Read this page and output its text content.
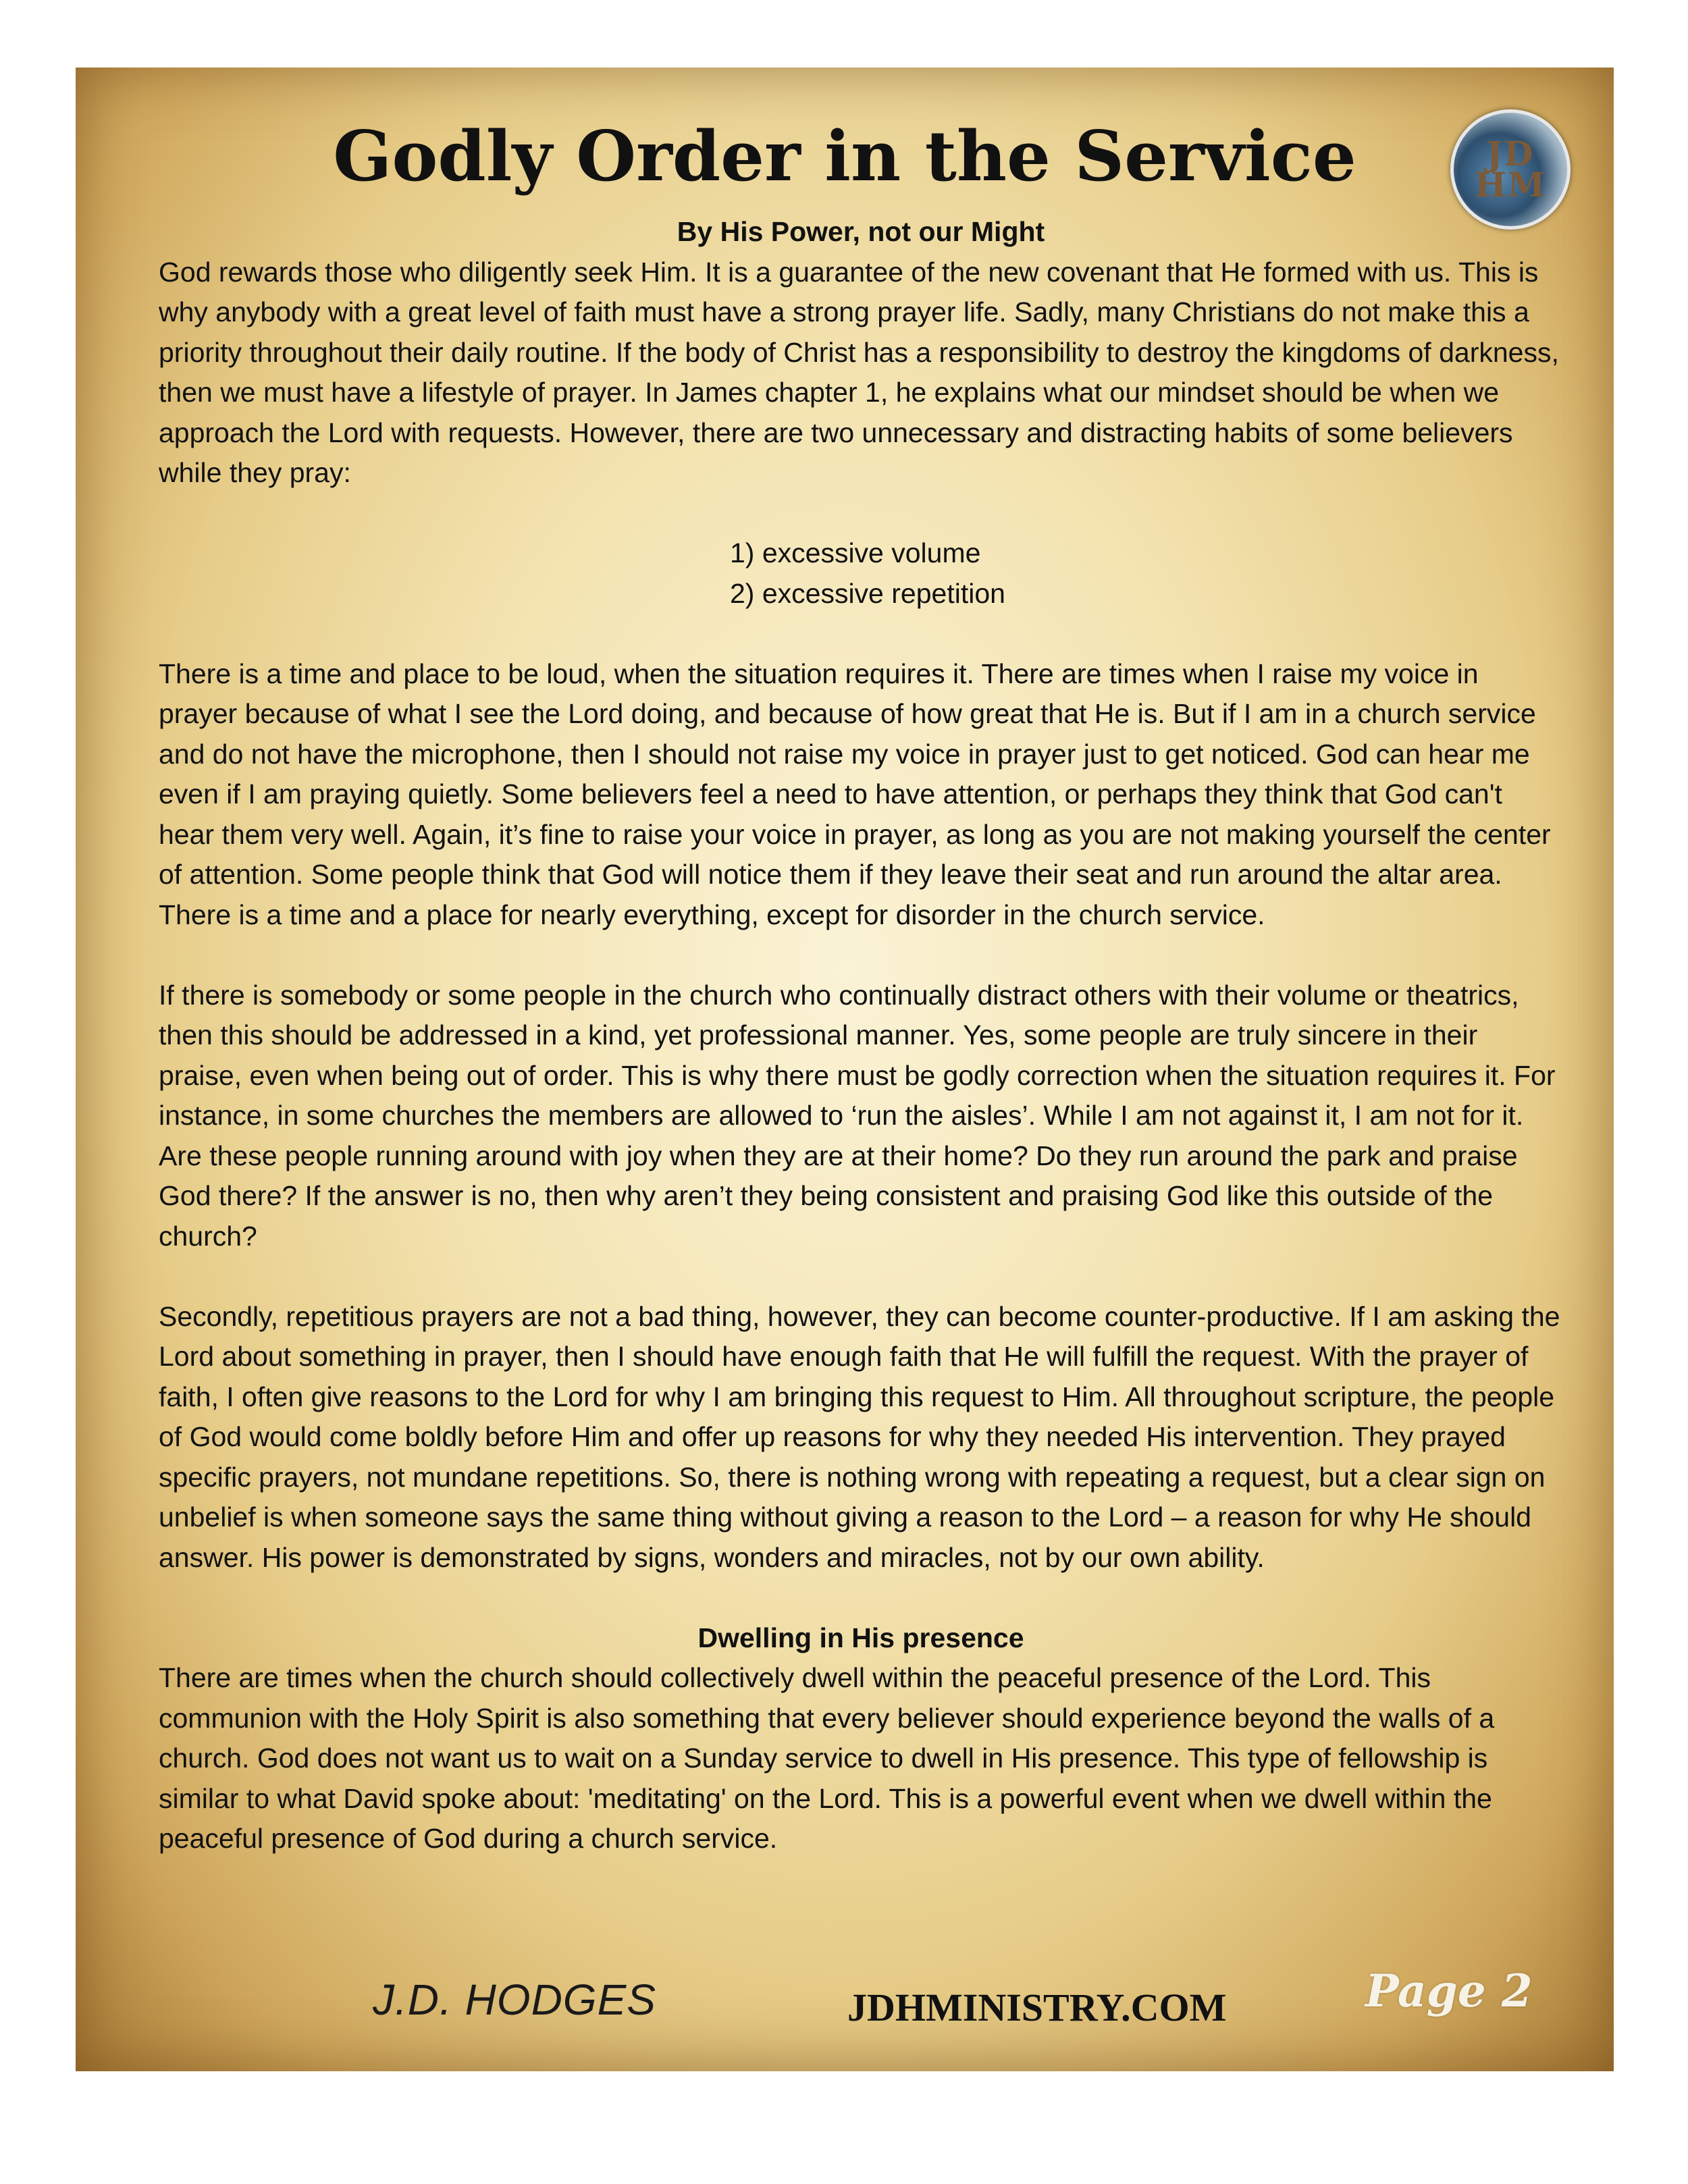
Godly Order in the Service	JD
HM

By His Power, not our Might

God rewards those who diligently seek Him. It is a guarantee of the new covenant that He formed with us. This is why anybody with a great level of faith must have a strong prayer life. Sadly, many Christians do not make this a priority throughout their daily routine. If the body of Christ has a responsibility to destroy the kingdoms of darkness, then we must have a lifestyle of prayer. In James chapter 1, he explains what our mindset should be when we approach the Lord with requests. However, there are two unnecessary and distracting habits of some believers while they pray:

1) excessive volume
2) excessive repetition

There is a time and place to be loud, when the situation requires it. There are times when I raise my voice in prayer because of what I see the Lord doing, and because of how great that He is. But if I am in a church service and do not have the microphone, then I should not raise my voice in prayer just to get noticed. God can hear me even if I am praying quietly. Some believers feel a need to have attention, or perhaps they think that God can't hear them very well. Again, it’s fine to raise your voice in prayer, as long as you are not making yourself the center of attention. Some people think that God will notice them if they leave their seat and run around the altar area. There is a time and a place for nearly everything, except for disorder in the church service.

If there is somebody or some people in the church who continually distract others with their volume or theatrics, then this should be addressed in a kind, yet professional manner. Yes, some people are truly sincere in their praise, even when being out of order. This is why there must be godly correction when the situation requires it. For instance, in some churches the members are allowed to ‘run the aisles’. While I am not against it, I am not for it. Are these people running around with joy when they are at their home? Do they run around the park and praise God there? If the answer is no, then why aren’t they being consistent and praising God like this outside of the church?

Secondly, repetitious prayers are not a bad thing, however, they can become counter-productive. If I am asking the Lord about something in prayer, then I should have enough faith that He will fulfill the request. With the prayer of faith, I often give reasons to the Lord for why I am bringing this request to Him. All throughout scripture, the people of God would come boldly before Him and offer up reasons for why they needed His intervention. They prayed specific prayers, not mundane repetitions. So, there is nothing wrong with repeating a request, but a clear sign on unbelief is when someone says the same thing without giving a reason to the Lord – a reason for why He should answer. His power is demonstrated by signs, wonders and miracles, not by our own ability.

Dwelling in His presence

There are times when the church should collectively dwell within the peaceful presence of the Lord. This communion with the Holy Spirit is also something that every believer should experience beyond the walls of a church. God does not want us to wait on a Sunday service to dwell in His presence. This type of fellowship is similar to what David spoke about: 'meditating' on the Lord. This is a powerful event when we dwell within the peaceful presence of God during a church service.

J.D. HODGES	JDHMINISTRY.COM	Page 2
